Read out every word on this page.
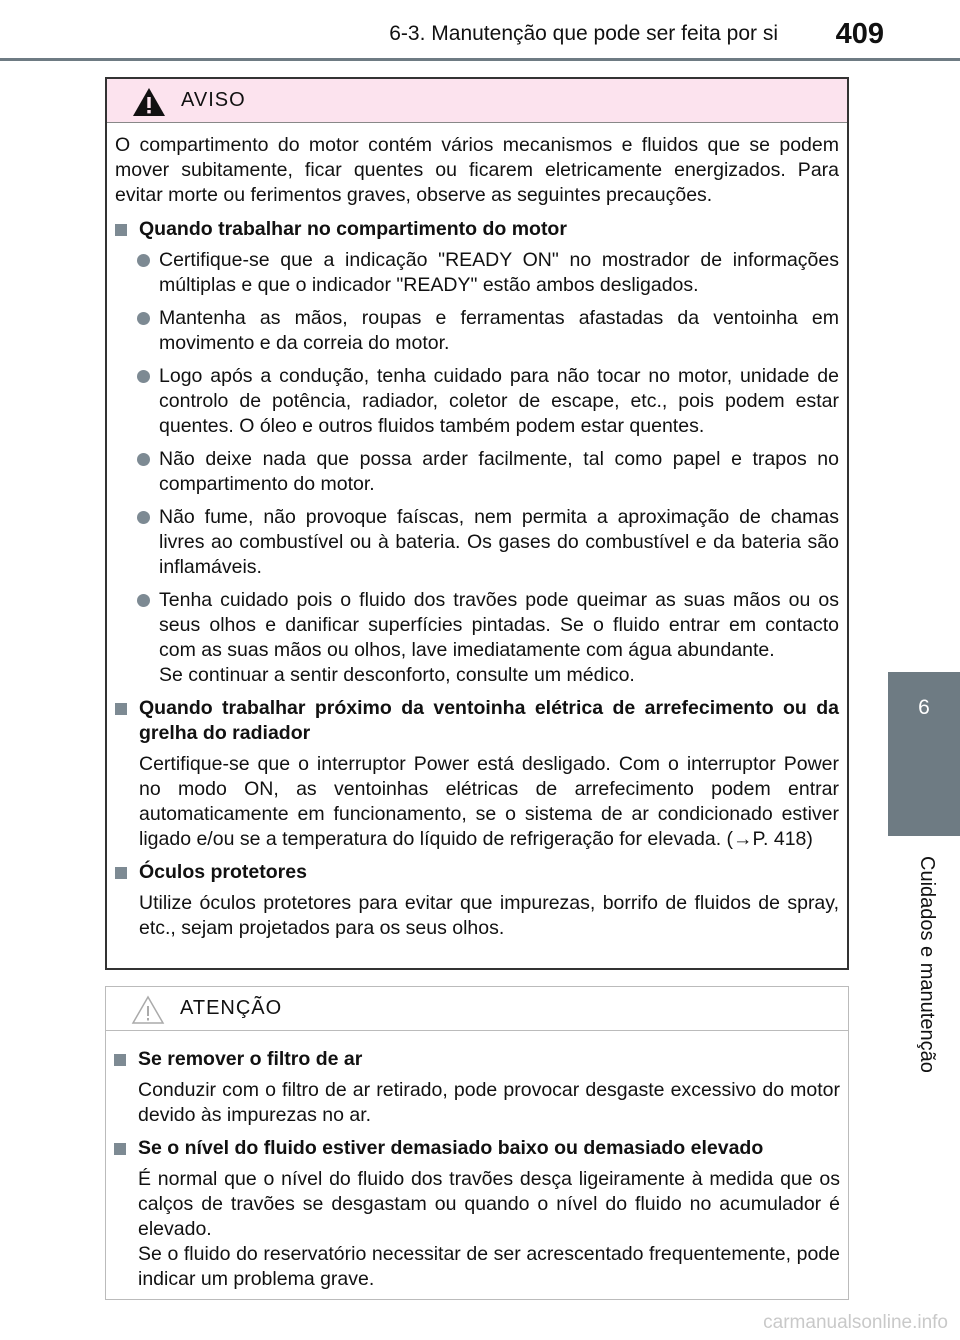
6-3. Manutenção que pode ser feita por si 409
6
Cuidados e manutenção
AVISO

O compartimento do motor contém vários mecanismos e fluidos que se podem mover subitamente, ficar quentes ou ficarem eletricamente energizados. Para evitar morte ou ferimentos graves, observe as seguintes precauções.

Quando trabalhar no compartimento do motor
Certifique-se que a indicação "READY ON" no mostrador de informações múltiplas e que o indicador "READY" estão ambos desligados.
Mantenha as mãos, roupas e ferramentas afastadas da ventoinha em movimento e da correia do motor.
Logo após a condução, tenha cuidado para não tocar no motor, unidade de controlo de potência, radiador, coletor de escape, etc., pois podem estar quentes. O óleo e outros fluidos também podem estar quentes.
Não deixe nada que possa arder facilmente, tal como papel e trapos no compartimento do motor.
Não fume, não provoque faíscas, nem permita a aproximação de chamas livres ao combustível ou à bateria. Os gases do combustível e da bateria são inflamáveis.
Tenha cuidado pois o fluido dos travões pode queimar as suas mãos ou os seus olhos e danificar superfícies pintadas. Se o fluido entrar em contacto com as suas mãos ou olhos, lave imediatamente com água abundante.
Se continuar a sentir desconforto, consulte um médico.
Quando trabalhar próximo da ventoinha elétrica de arrefecimento ou da grelha do radiador

Certifique-se que o interruptor Power está desligado. Com o interruptor Power no modo ON, as ventoinhas elétricas de arrefecimento podem entrar automaticamente em funcionamento, se o sistema de ar condicionado estiver ligado e/ou se a temperatura do líquido de refrigeração for elevada. (→P. 418)

Óculos protetores

Utilize óculos protetores para evitar que impurezas, borrifo de fluidos de spray, etc., sejam projetados para os seus olhos.

ATENÇÃO
Se remover o filtro de ar

Conduzir com o filtro de ar retirado, pode provocar desgaste excessivo do motor devido às impurezas no ar.

Se o nível do fluido estiver demasiado baixo ou demasiado elevado

É normal que o nível do fluido dos travões desça ligeiramente à medida que os calços de travões se desgastam ou quando o nível do fluido no acumulador é elevado.
Se o fluido do reservatório necessitar de ser acrescentado frequentemente, pode indicar um problema grave.

carmanualsonline.info
